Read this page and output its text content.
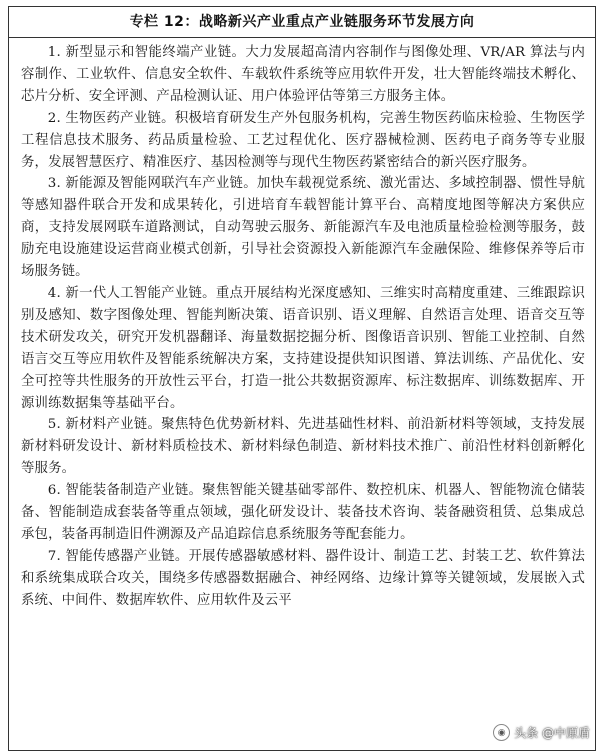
专栏 12：战略新兴产业重点产业链服务环节发展方向

1. 新型显示和智能终端产业链。大力发展超高清内容制作与图像处理、VR/AR 算法与内容制作、工业软件、信息安全软件、车载软件系统等应用软件开发，壮大智能终端技术孵化、芯片分析、安全评测、产品检测认证、用户体验评估等第三方服务主体。

2. 生物医药产业链。积极培育研发生产外包服务机构，完善生物医药临床检验、生物医学工程信息技术服务、药品质量检验、工艺过程优化、医疗器械检测、医药电子商务等专业服务，发展智慧医疗、精准医疗、基因检测等与现代生物医药紧密结合的新兴医疗服务。

3. 新能源及智能网联汽车产业链。加快车载视觉系统、激光雷达、多域控制器、惯性导航等感知器件联合开发和成果转化，引进培育车载智能计算平台、高精度地图等解决方案供应商，支持发展网联车道路测试，自动驾驶云服务、新能源汽车及电池质量检验检测等服务，鼓励充电设施建设运营商业模式创新，引导社会资源投入新能源汽车金融保险、维修保养等后市场服务链。

4. 新一代人工智能产业链。重点开展结构光深度感知、三维实时高精度重建、三维跟踪识别及感知、数字图像处理、智能判断决策、语音识别、语义理解、自然语言处理、语音交互等技术研发攻关，研究开发机器翻译、海量数据挖掘分析、图像语音识别、智能工业控制、自然语言交互等应用软件及智能系统解决方案，支持建设提供知识图谱、算法训练、产品优化、安全可控等共性服务的开放性云平台，打造一批公共数据资源库、标注数据库、训练数据库、开源训练数据集等基础平台。

5. 新材料产业链。聚焦特色优势新材料、先进基础性材料、前沿新材料等领域，支持发展新材料研发设计、新材料质检技术、新材料绿色制造、新材料技术推广、前沿性材料创新孵化等服务。

6. 智能装备制造产业链。聚焦智能关键基础零部件、数控机床、机器人、智能物流仓储装备、智能制造成套装备等重点领域，强化研发设计、装备技术咨询、装备融资租赁、总集成总承包，装备再制造旧件溯源及产品追踪信息系统服务等配套能力。

7. 智能传感器产业链。开展传感器敏感材料、器件设计、制造工艺、封装工艺、软件算法和系统集成联合攻关，围绕多传感器数据融合、神经网络、边缘计算等关键领域，发展嵌入式系统、中间件、数据库软件、应用软件及云平

◉ 头条 @中原盾
